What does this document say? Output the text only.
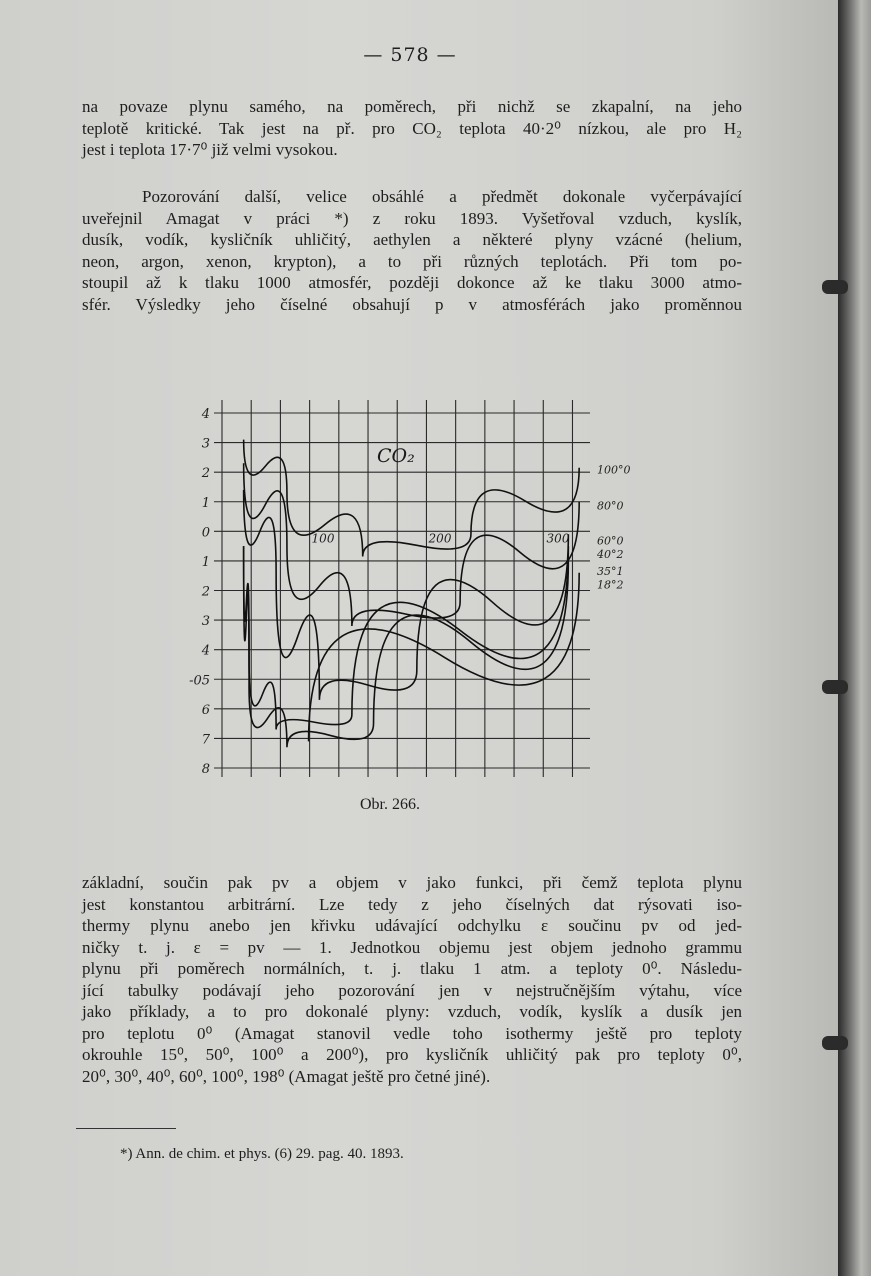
— 578 —
na povaze plynu samého, na poměrech, při nichž se zkapalní, na jeho
teplotě kritické. Tak jest na př. pro CO₂ teplota 40·2⁰ nízkou, ale pro H₂
jest i teplota 17·7⁰ již velmi vysokou.
Pozorování další, velice obsáhlé a předmět dokonale vyčerpávající
uveřejnil Amagat v práci *) z roku 1893. Vyšetřoval vzduch, kyslík,
dusík, vodík, kysličník uhličitý, aethylen a některé plyny vzácné (helium,
neon, argon, xenon, krypton), a to při různých teplotách. Při tom po-
stoupil až k tlaku 1000 atmosfér, později dokonce až ke tlaku 3000 atmo-
sfér. Výsledky jeho číselné obsahují p v atmosférách jako proměnnou
4
3
2
1
0
1
2
3
4
-05
6
7
8
100	200	300
CO₂
100°0
80°0
60°0
40°2
35°1
18°2
Obr. 266.
základní, součin pak pv a objem v jako funkci, při čemž teplota plynu
jest konstantou arbitrární. Lze tedy z jeho číselných dat rýsovati iso-
thermy plynu anebo jen křivku udávající odchylku ε součinu pv od jed-
ničky t. j. ε = pv — 1. Jednotkou objemu jest objem jednoho grammu
plynu při poměrech normálních, t. j. tlaku 1 atm. a teploty 0⁰. Následu-
jící tabulky podávají jeho pozorování jen v nejstručnějším výtahu, více
jako příklady, a to pro dokonalé plyny: vzduch, vodík, kyslík a dusík jen
pro teplotu 0⁰ (Amagat stanovil vedle toho isothermy ještě pro teploty
okrouhle 15⁰, 50⁰, 100⁰ a 200⁰), pro kysličník uhličitý pak pro teploty 0⁰,
20⁰, 30⁰, 40⁰, 60⁰, 100⁰, 198⁰ (Amagat ještě pro četné jiné).
*) Ann. de chim. et phys. (6) 29. pag. 40. 1893.
